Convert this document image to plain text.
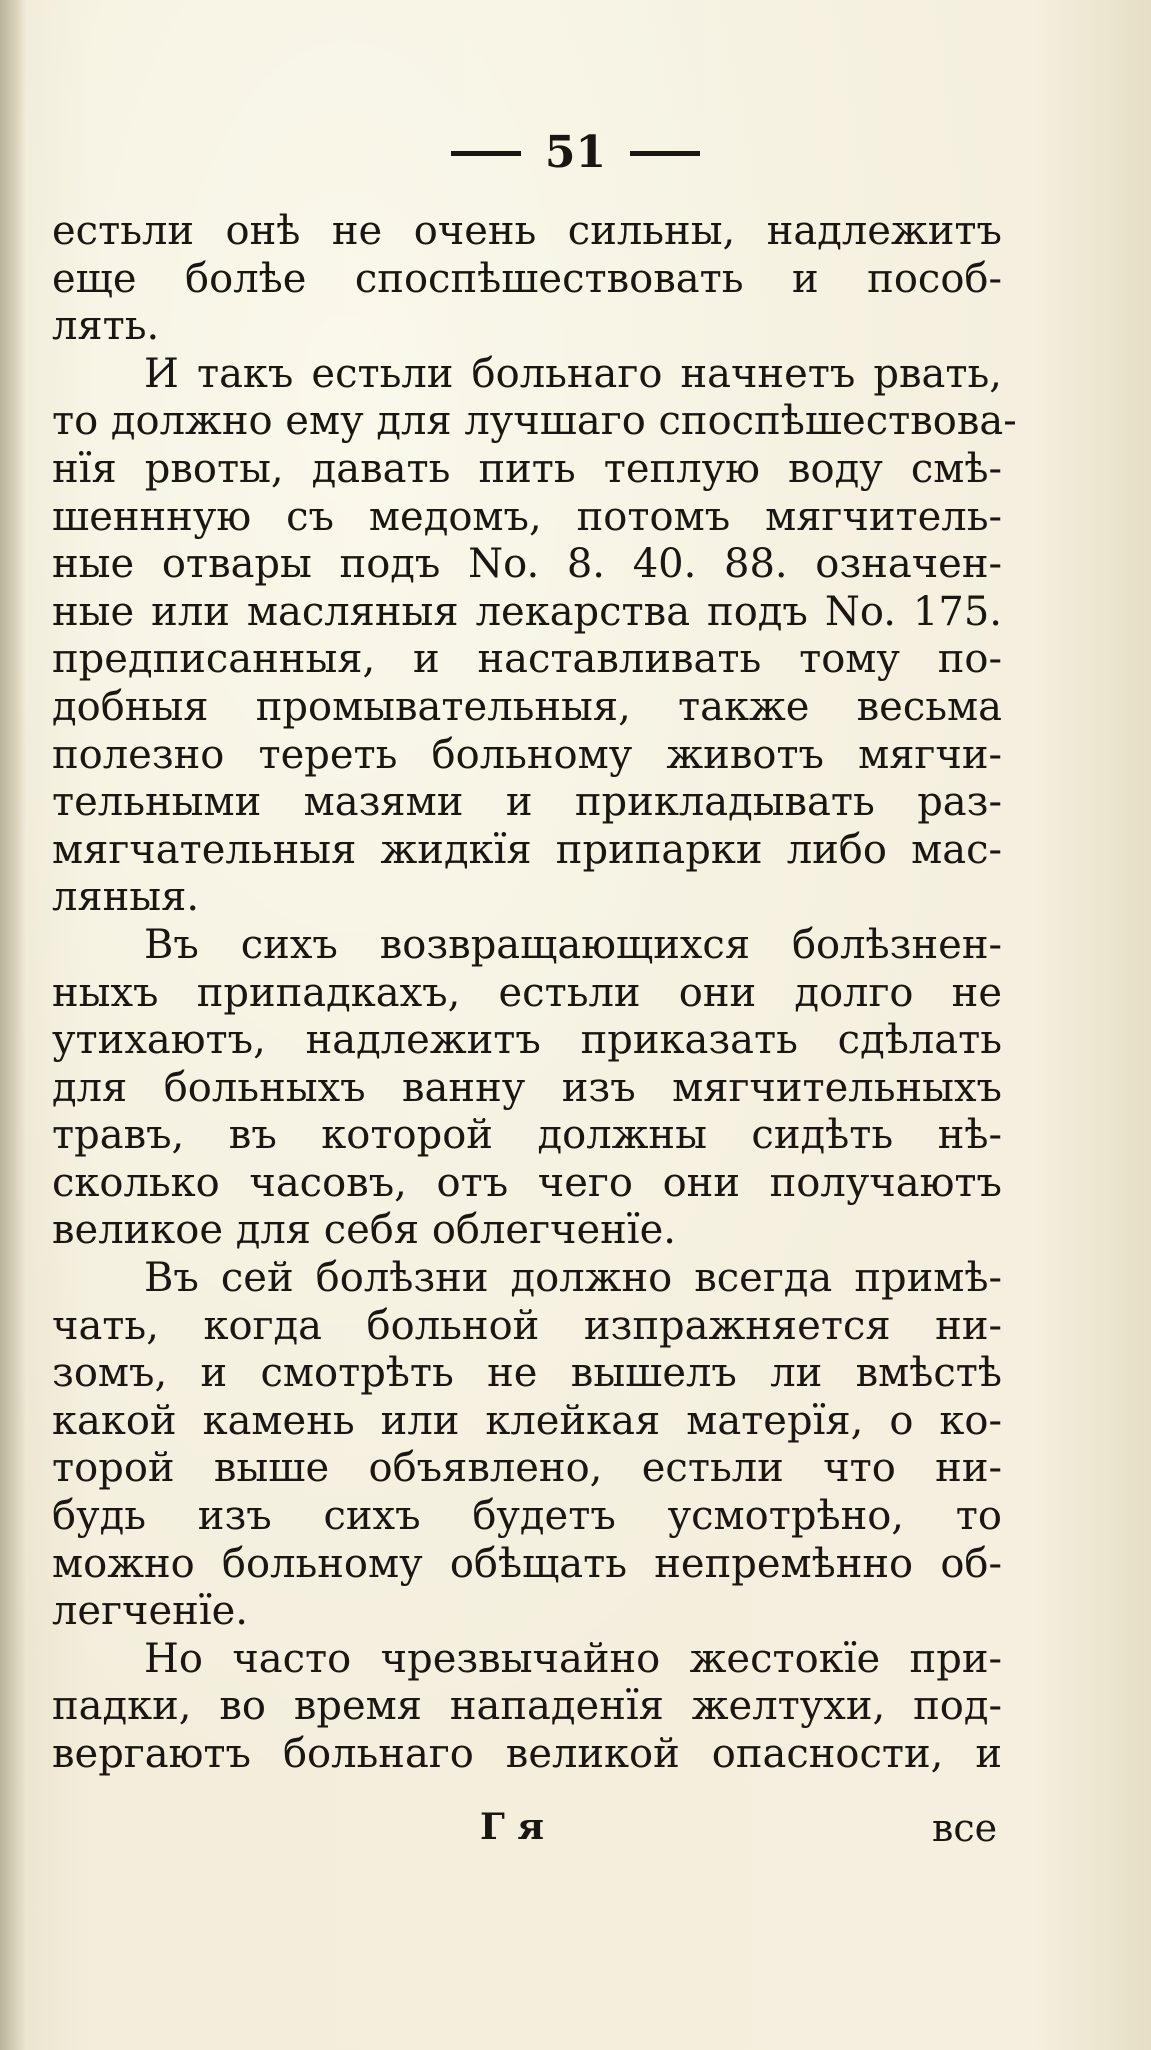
51
естьли онѣ не очень сильны, надлежитъ
еще болѣе споспѣшествовать и пособ-
лять.
И такъ естьли больнаго начнетъ рвать,
то должно ему для лучшаго споспѣшествова-
нїя рвоты, давать пить теплую воду смѣ-
шеннную съ медомъ, потомъ мягчитель-
ные отвары подъ No. 8. 40. 88. означен-
ные или масляныя лекарства подъ No. 175.
предписанныя, и наставливать тому по-
добныя промывательныя, также весьма
полезно тереть больному животъ мягчи-
тельными мазями и прикладывать раз-
мягчательныя жидкїя припарки либо мас-
ляныя.
Въ сихъ возвращающихся болѣзнен-
ныхъ припадкахъ, естьли они долго не
утихаютъ, надлежитъ приказать сдѣлать
для больныхъ ванну изъ мягчительныхъ
травъ, въ которой должны сидѣть нѣ-
сколько часовъ, отъ чего они получаютъ
великое для себя облегченїе.
Въ сей болѣзни должно всегда примѣ-
чать, когда больной изпражняется ни-
зомъ, и смотрѣть не вышелъ ли вмѣстѣ
какой камень или клейкая матерїя, о ко-
торой выше объявлено, естьли что ни-
будь изъ сихъ будетъ усмотрѣно, то
можно больному обѣщать непремѣнно об-
легченїе.
Но часто чрезвычайно жестокїе при-
падки, во время нападенїя желтухи, под-
вергаютъ больнаго великой опасности, и
Г я	все
